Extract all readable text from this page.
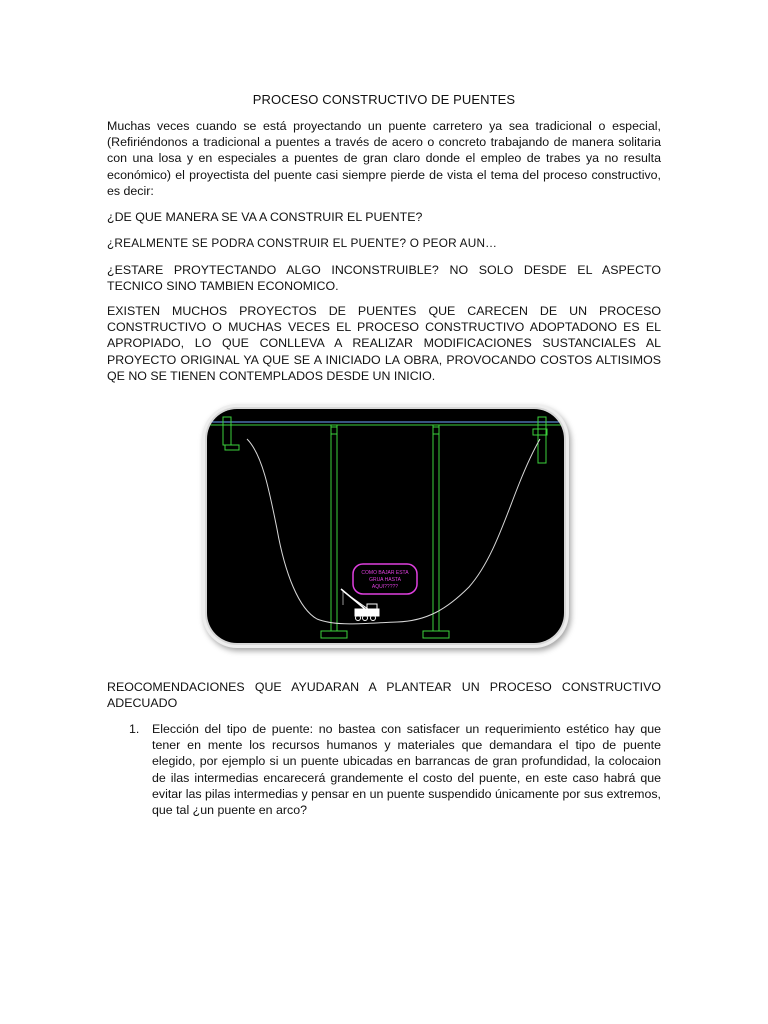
PROCESO CONSTRUCTIVO DE PUENTES

Muchas veces cuando se está proyectando un puente carretero ya sea tradicional o especial, (Refiriéndonos a tradicional a puentes a través de acero o concreto trabajando de manera solitaria con una losa y en especiales a puentes de gran claro donde el empleo de trabes ya no resulta económico) el proyectista del puente casi siempre pierde de vista el tema del proceso constructivo, es decir:

¿DE QUE MANERA SE VA A CONSTRUIR EL PUENTE?

¿REALMENTE SE PODRA CONSTRUIR EL PUENTE? O PEOR AUN…

¿ESTARE PROYTECTANDO ALGO INCONSTRUIBLE? NO SOLO DESDE EL ASPECTO TECNICO SINO TAMBIEN ECONOMICO.

EXISTEN MUCHOS PROYECTOS DE PUENTES QUE CARECEN DE UN PROCESO CONSTRUCTIVO O MUCHAS VECES EL PROCESO CONSTRUCTIVO ADOPTADONO ES EL APROPIADO, LO QUE CONLLEVA A REALIZAR MODIFICACIONES SUSTANCIALES AL PROYECTO ORIGINAL YA QUE SE A INICIADO LA OBRA, PROVOCANDO COSTOS ALTISIMOS QE NO SE TIENEN CONTEMPLADOS DESDE UN INICIO.

COMO BAJAR ESTA
GRUA HASTA
AQUI?????

REOCOMENDACIONES QUE AYUDARAN A PLANTEAR UN PROCESO CONSTRUCTIVO ADECUADO

1. Elección del tipo de puente: no bastea con satisfacer un requerimiento estético hay que tener en mente los recursos humanos y materiales que demandara el tipo de puente elegido, por ejemplo si un puente ubicadas en barrancas de gran profundidad, la colocaion de ilas intermedias encarecerá grandemente el costo del puente, en este caso habrá que evitar las pilas intermedias y pensar en un puente suspendido únicamente por sus extremos, que tal ¿un puente en arco?
